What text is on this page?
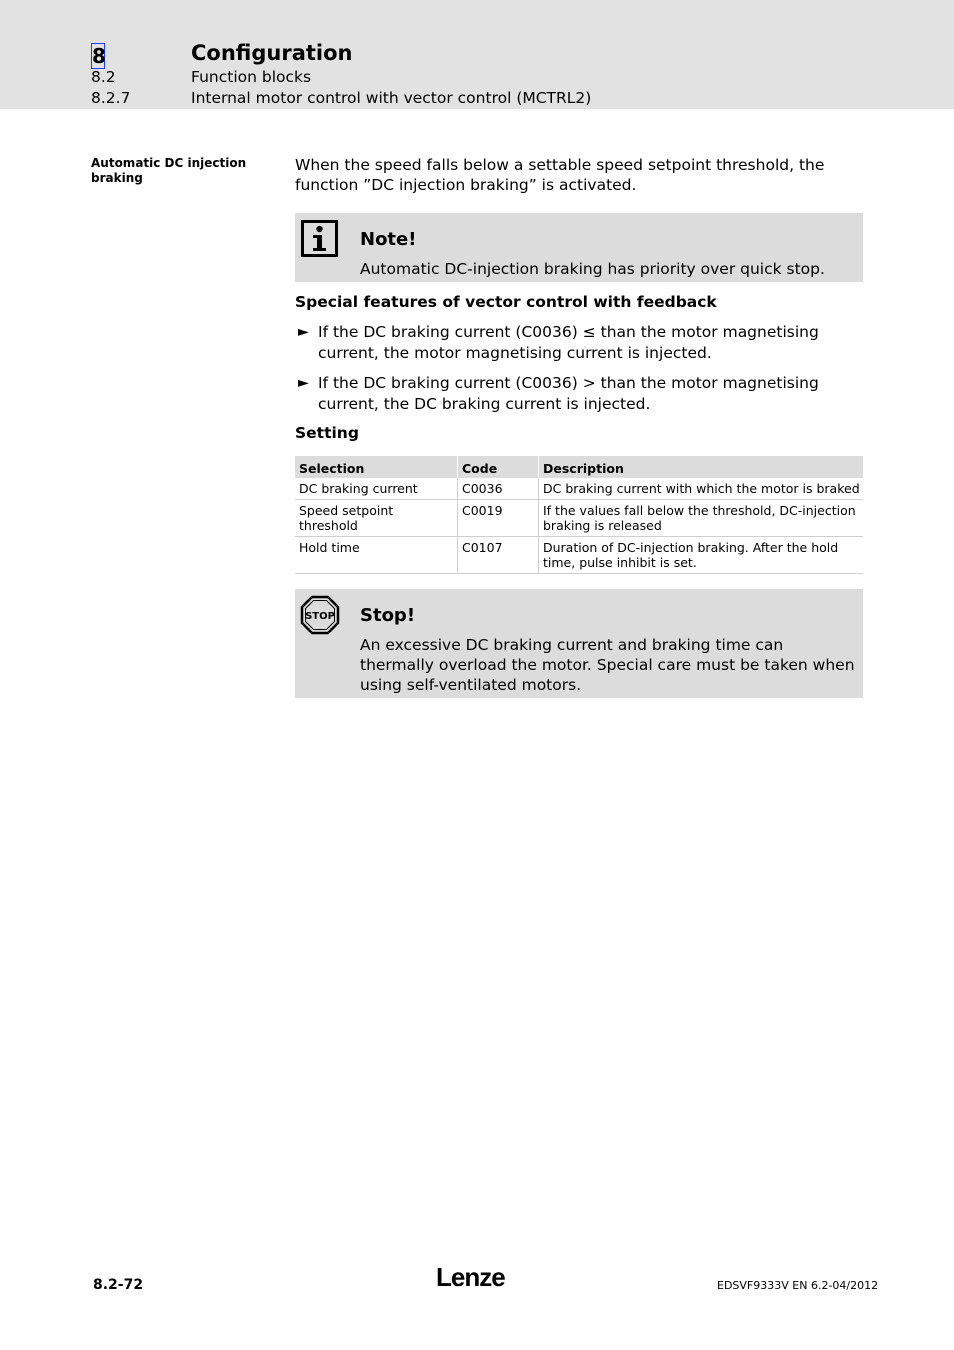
8	Configuration
8.2	Function blocks
8.2.7	Internal motor control with vector control (MCTRL2)
Automatic DC injection braking
When the speed falls below a settable speed setpoint threshold, the function ”DC injection braking” is activated.
Note!
Automatic DC-injection braking has priority over quick stop.
Special features of vector control with feedback
► If the DC braking current (C0036) ≤ than the motor magnetising current, the motor magnetising current is injected.
► If the DC braking current (C0036) > than the motor magnetising current, the DC braking current is injected.
Setting
Selection	Code	Description
DC braking current	C0036	DC braking current with which the motor is braked
Speed setpoint threshold	C0019	If the values fall below the threshold, DC-injection braking is released
Hold time	C0107	Duration of DC-injection braking. After the hold time, pulse inhibit is set.
STOP Stop!
An excessive DC braking current and braking time can thermally overload the motor. Special care must be taken when using self-ventilated motors.
8.2-72	Lenze	EDSVF9333V EN 6.2-04/2012
